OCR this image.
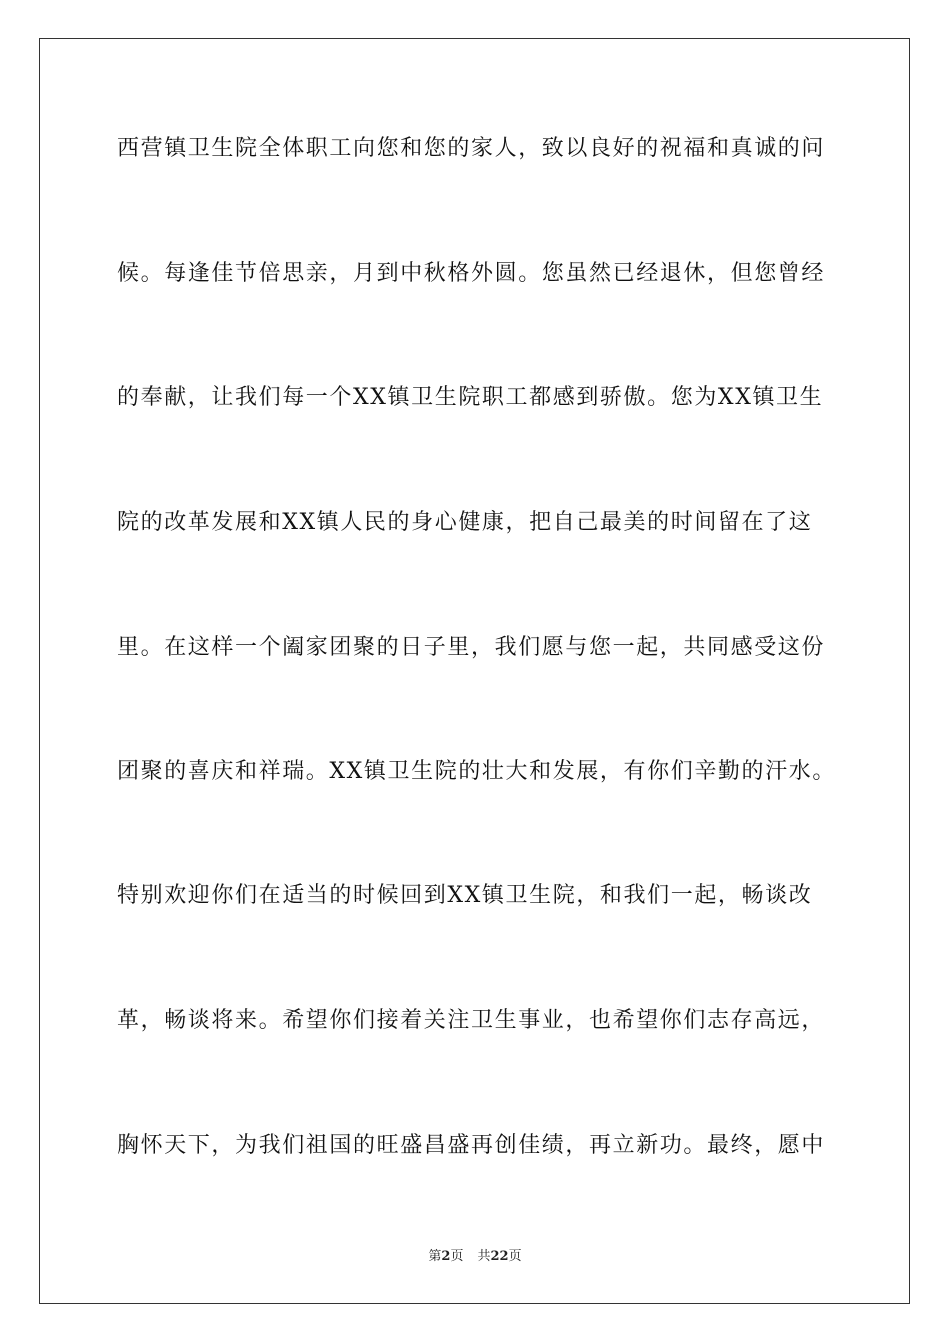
西营镇卫生院全体职工向您和您的家人，致以良好的祝福和真诚的问
候。每逢佳节倍思亲，月到中秋格外圆。您虽然已经退休，但您曾经
的奉献，让我们每一个XX镇卫生院职工都感到骄傲。您为XX镇卫生
院的改革发展和XX镇人民的身心健康，把自己最美的时间留在了这
里。在这样一个阖家团聚的日子里，我们愿与您一起，共同感受这份
团聚的喜庆和祥瑞。XX镇卫生院的壮大和发展，有你们辛勤的汗水。
特别欢迎你们在适当的时候回到XX镇卫生院，和我们一起，畅谈改
革，畅谈将来。希望你们接着关注卫生事业，也希望你们志存高远，
胸怀天下，为我们祖国的旺盛昌盛再创佳绩，再立新功。最终，愿中
第2页 共22页
